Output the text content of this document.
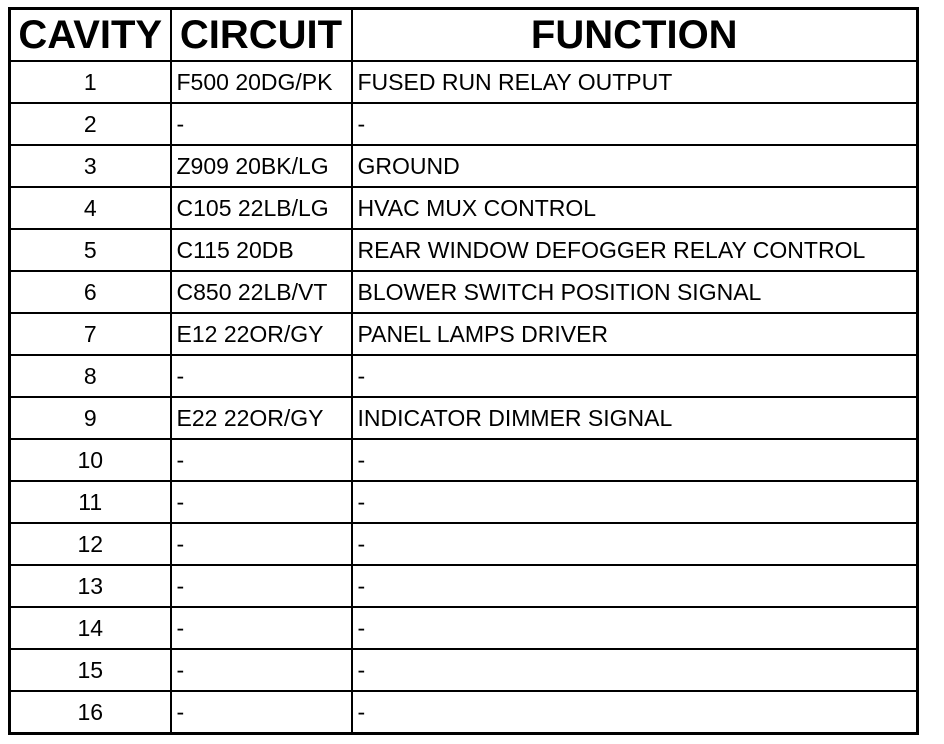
CAVITY	CIRCUIT	FUNCTION
1	F500 20DG/PK	FUSED RUN RELAY OUTPUT
2	-	-
3	Z909 20BK/LG	GROUND
4	C105 22LB/LG	HVAC MUX CONTROL
5	C115 20DB	REAR WINDOW DEFOGGER RELAY CONTROL
6	C850 22LB/VT	BLOWER SWITCH POSITION SIGNAL
7	E12 22OR/GY	PANEL LAMPS DRIVER
8	-	-
9	E22 22OR/GY	INDICATOR DIMMER SIGNAL
10	-	-
11	-	-
12	-	-
13	-	-
14	-	-
15	-	-
16	-	-
